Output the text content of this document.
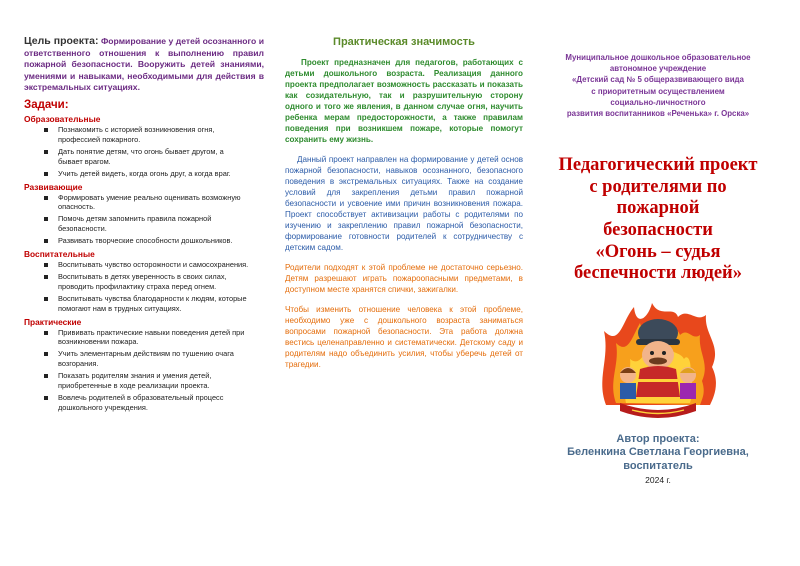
Цель проекта: Формирование у детей осознанного и ответственного отношения к выполнению правил пожарной безопасности. Вооружить детей знаниями, умениями и навыками, необходимыми для действия в экстремальных ситуациях.
Задачи:
Образовательные
Познакомить с историей возникновения огня, профессией пожарного.
Дать понятие детям, что огонь бывает другом, а бывает врагом.
Учить детей видеть, когда огонь друг, а когда враг.
Развивающие
Формировать умение реально оценивать возможную опасность.
Помочь детям запомнить правила пожарной безопасности.
Развивать творческие способности дошкольников.
Воспитательные
Воспитывать чувство осторожности и самосохранения.
Воспитывать в детях уверенность в своих силах, проводить профилактику страха перед огнем.
Воспитывать чувства благодарности к людям, которые помогают нам в трудных ситуациях.
Практические
Прививать практические навыки поведения детей при возникновении пожара.
Учить элементарным действиям по тушению очага возгорания.
Показать родителям знания и умения детей, приобретенные в ходе реализации проекта.
Вовлечь родителей в образовательный процесс дошкольного учреждения.
Практическая значимость

Проект предназначен для педагогов, работающих с детьми дошкольного возраста. Реализация данного проекта предполагает возможность рассказать и показать как созидательную, так и разрушительную сторону одного и того же явления, в данном случае огня, научить ребенка мерам предосторожности, а также правилам поведения при возникшем пожаре, которые помогут сохранить ему жизнь.

Данный проект направлен на формирование у детей основ пожарной безопасности, навыков осознанного, безопасного поведения в экстремальных ситуациях. Также на создание условий для закрепления детьми правил пожарной безопасности и усвоение ими причин возникновения пожара. Проект способствует активизации работы с родителями по изучению и закреплению правил пожарной безопасности, формирование готовности родителей к сотрудничеству с детским садом.

Родители подходят к этой проблеме не достаточно серьезно. Детям разрешают играть пожароопасными предметами, в доступном месте хранятся спички, зажигалки.

Чтобы изменить отношение человека к этой проблеме, необходимо уже с дошкольного возраста заниматься вопросами пожарной безопасности. Эта работа должна вестись целенаправленно и систематически. Детскому саду и родителям надо объединить усилия, чтобы уберечь детей от трагедии.

Муниципальное дошкольное образовательное
автономное учреждение
«Детский сад № 5 общеразвивающего вида
с приоритетным осуществлением
социально-личностного
развития воспитанников «Реченька» г. Орска»
Педагогический проект
с родителями по
пожарной
безопасности
«Огонь – судья
беспечности людей»
Автор проекта:
Беленкина Светлана Георгиевна,
воспитатель
2024 г.
